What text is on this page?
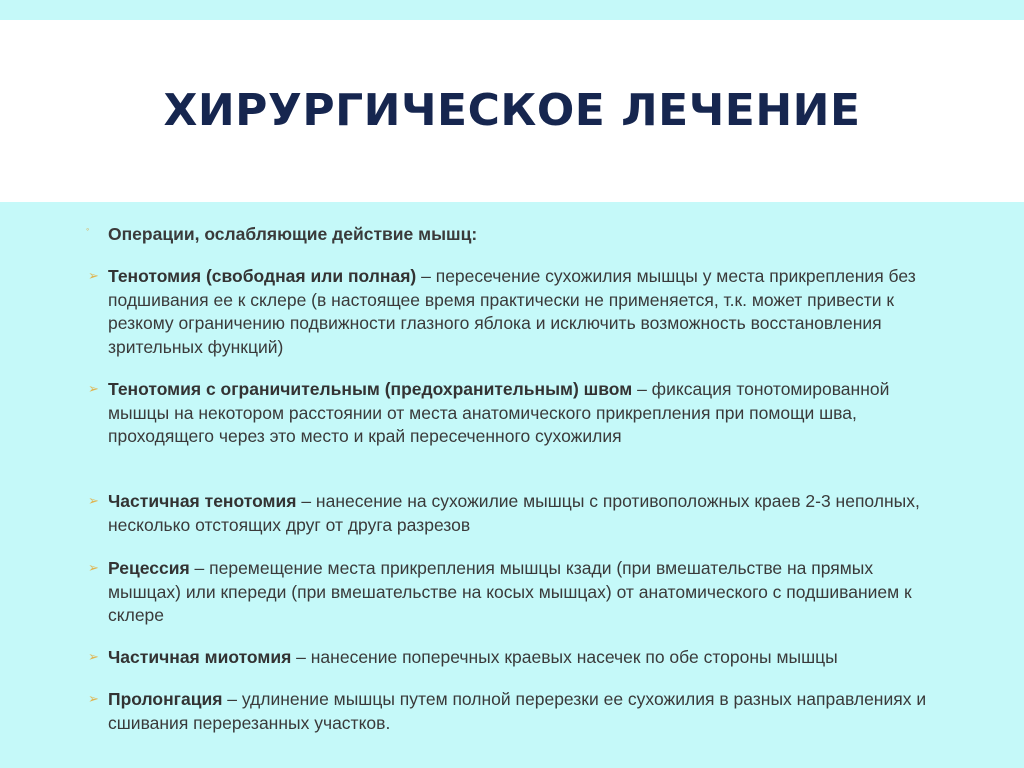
ХИРУРГИЧЕСКОЕ ЛЕЧЕНИЕ
◦ Операции, ослабляющие действие мышц:
➢ Тенотомия (свободная или полная) – пересечение сухожилия мышцы у места прикрепления без подшивания ее к склере (в настоящее время практически не применяется, т.к. может привести к резкому ограничению подвижности глазного яблока и исключить возможность восстановления зрительных функций)

➢ Тенотомия с ограничительным (предохранительным) швом – фиксация тонотомированной мышцы на некотором расстоянии от места анатомического прикрепления при помощи шва, проходящего через это место и край пересеченного сухожилия

➢ Частичная тенотомия – нанесение на сухожилие мышцы с противоположных краев 2-3 неполных, несколько отстоящих друг от друга разрезов

➢ Рецессия – перемещение места прикрепления мышцы кзади (при вмешательстве на прямых мышцах) или кпереди (при вмешательстве на косых мышцах) от анатомического с подшиванием к склере

➢ Частичная миотомия – нанесение поперечных краевых насечек по обе стороны мышцы

➢ Пролонгация – удлинение мышцы путем полной перерезки ее сухожилия в разных направлениях и сшивания перерезанных участков.
